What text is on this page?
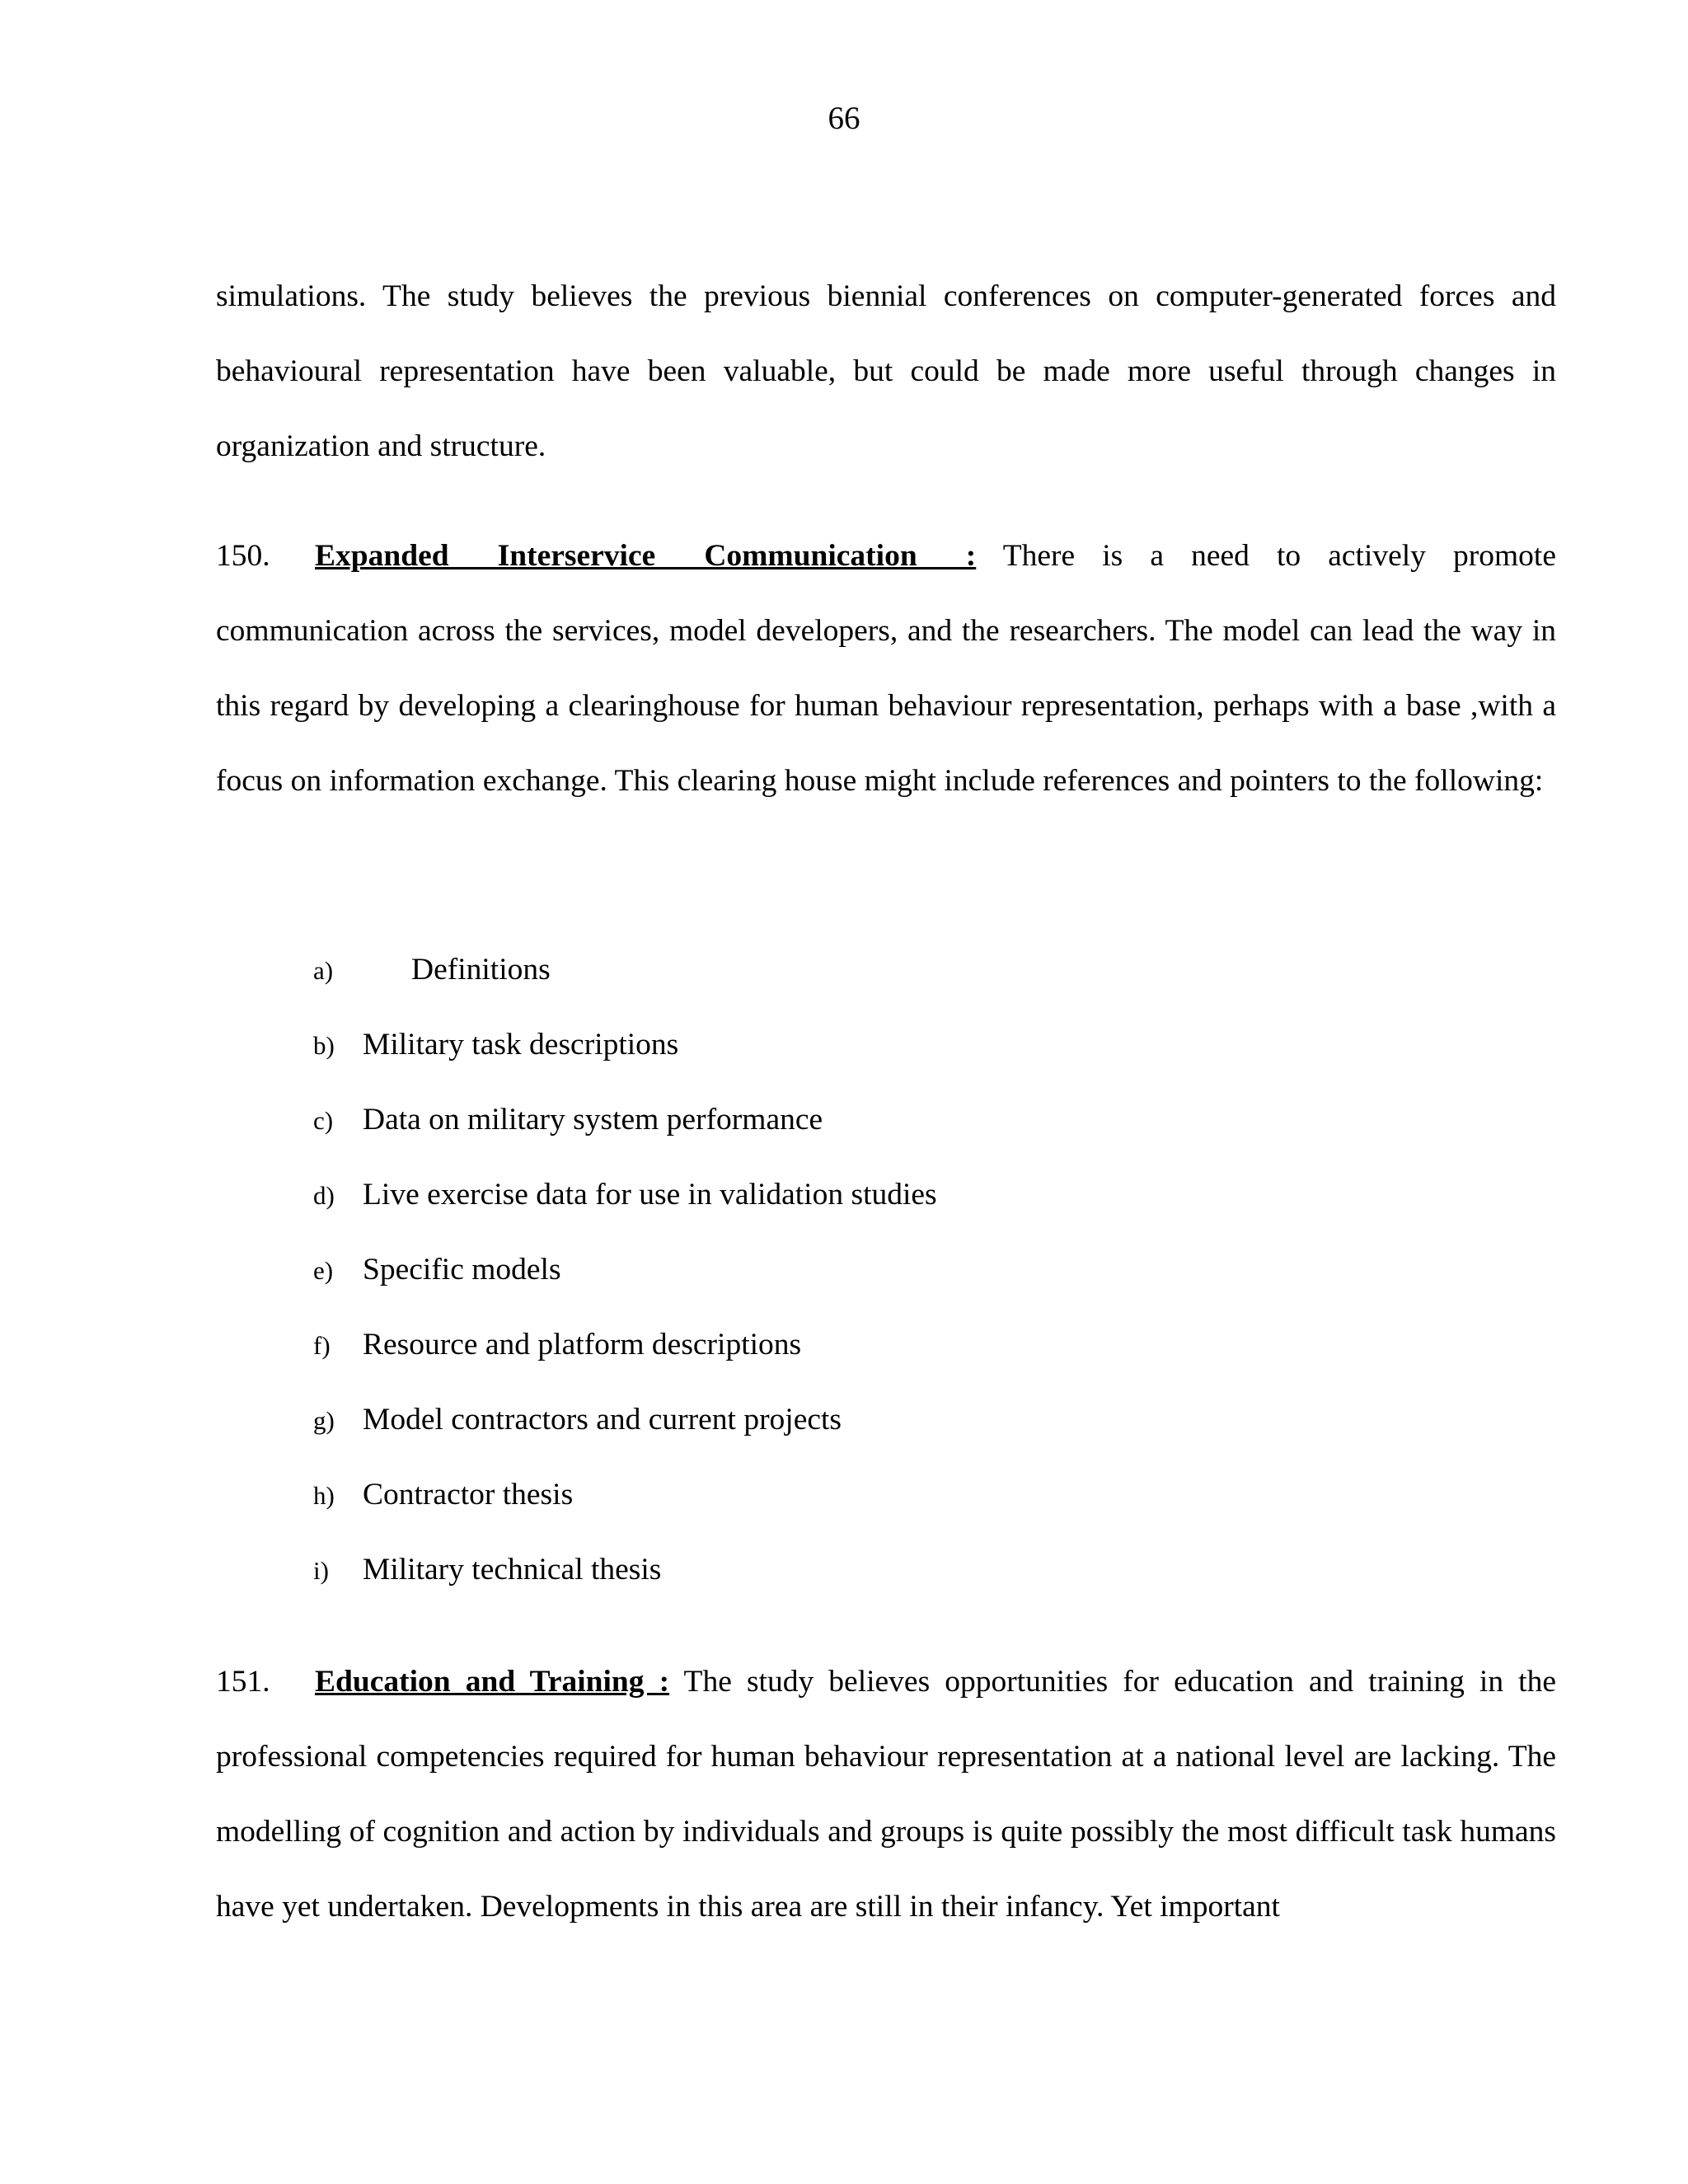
66
simulations. The study believes the previous biennial conferences on computer-generated forces and behavioural representation have been valuable, but could be made more useful through changes in organization and structure.
150. Expanded Interservice Communication : There is a need to actively promote
communication across the services, model developers, and the researchers. The model can lead the way in this regard by developing a clearinghouse for human behaviour representation, perhaps with a base ,with a focus on information exchange. This clearing house might include references and pointers to the following:
a)	Definitions
b) Military task descriptions
c) Data on military system performance
d) Live exercise data for use in validation studies
e) Specific models
f) Resource and platform descriptions
g) Model contractors and current projects
h) Contractor thesis
i) Military technical thesis
151. Education and Training : The study believes opportunities for education and training in the professional competencies required for human behaviour representation at a national level are lacking. The modelling of cognition and action by individuals and groups is quite possibly the most difficult task humans have yet undertaken. Developments in this area are still in their infancy. Yet important
